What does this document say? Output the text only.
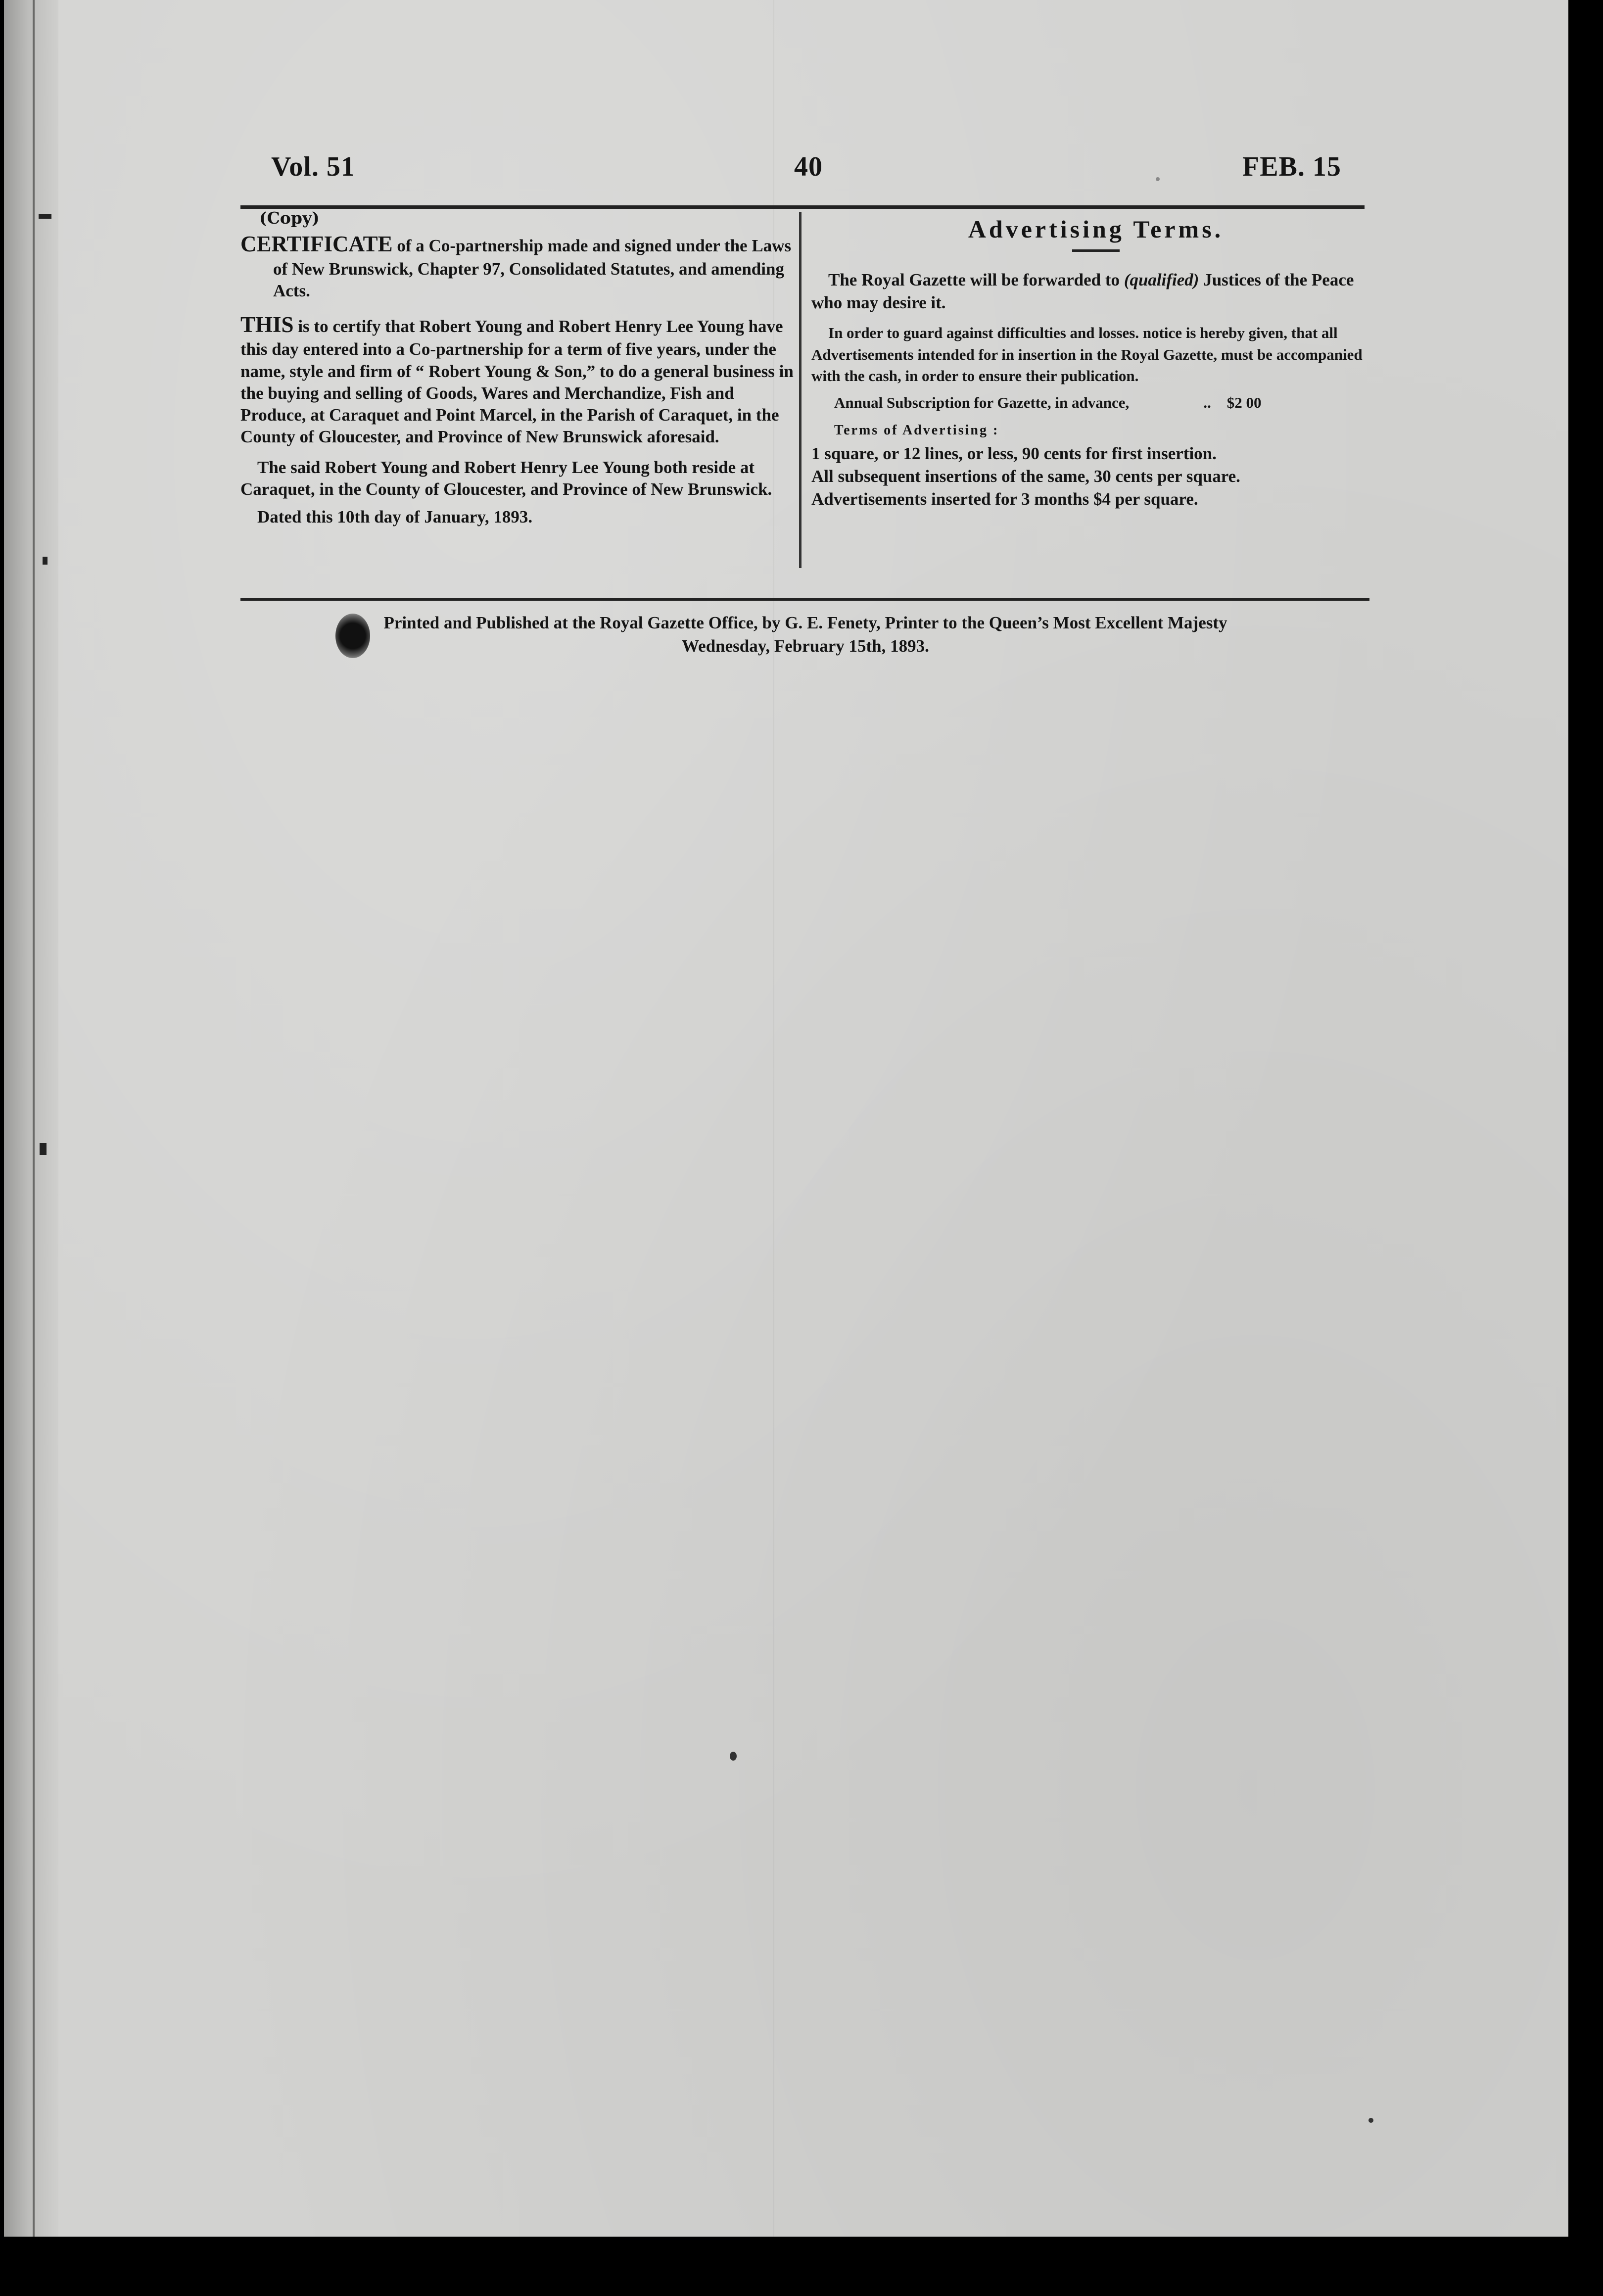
Vol. 51	40	FEB. 15
(Copy)

CERTIFICATE of a Co-partnership made and signed under the Laws of New Brunswick, Chapter 97, Consolidated Statutes, and amending Acts.

THIS is to certify that Robert Young and Robert Henry Lee Young have this day entered into a Co-partnership for a term of five years, under the name, style and firm of “ Robert Young & Son,” to do a general business in the buying and selling of Goods, Wares and Merchandize, Fish and Produce, at Caraquet and Point Marcel, in the Parish of Caraquet, in the County of Gloucester, and Province of New Brunswick aforesaid.

The said Robert Young and Robert Henry Lee Young both reside at Caraquet, in the County of Gloucester, and Province of New Brunswick.

Dated this 10th day of January, 1893.

Advertising Terms.

The Royal Gazette will be forwarded to (qualified) Justices of the Peace who may desire it.

In order to guard against difficulties and losses. notice is hereby given, that all Advertisements intended for in insertion in the Royal Gazette, must be accompanied with the cash, in order to ensure their publication.

Annual Subscription for Gazette, in advance,	.. $2 00
Terms of Advertising :

1 square, or 12 lines, or less, 90 cents for first insertion.

All subsequent insertions of the same, 30 cents per square.

Advertisements inserted for 3 months $4 per square.

Printed and Published at the Royal Gazette Office, by G. E. Fenety, Printer to the Queen’s Most Excellent Majesty
Wednesday, February 15th, 1893.
